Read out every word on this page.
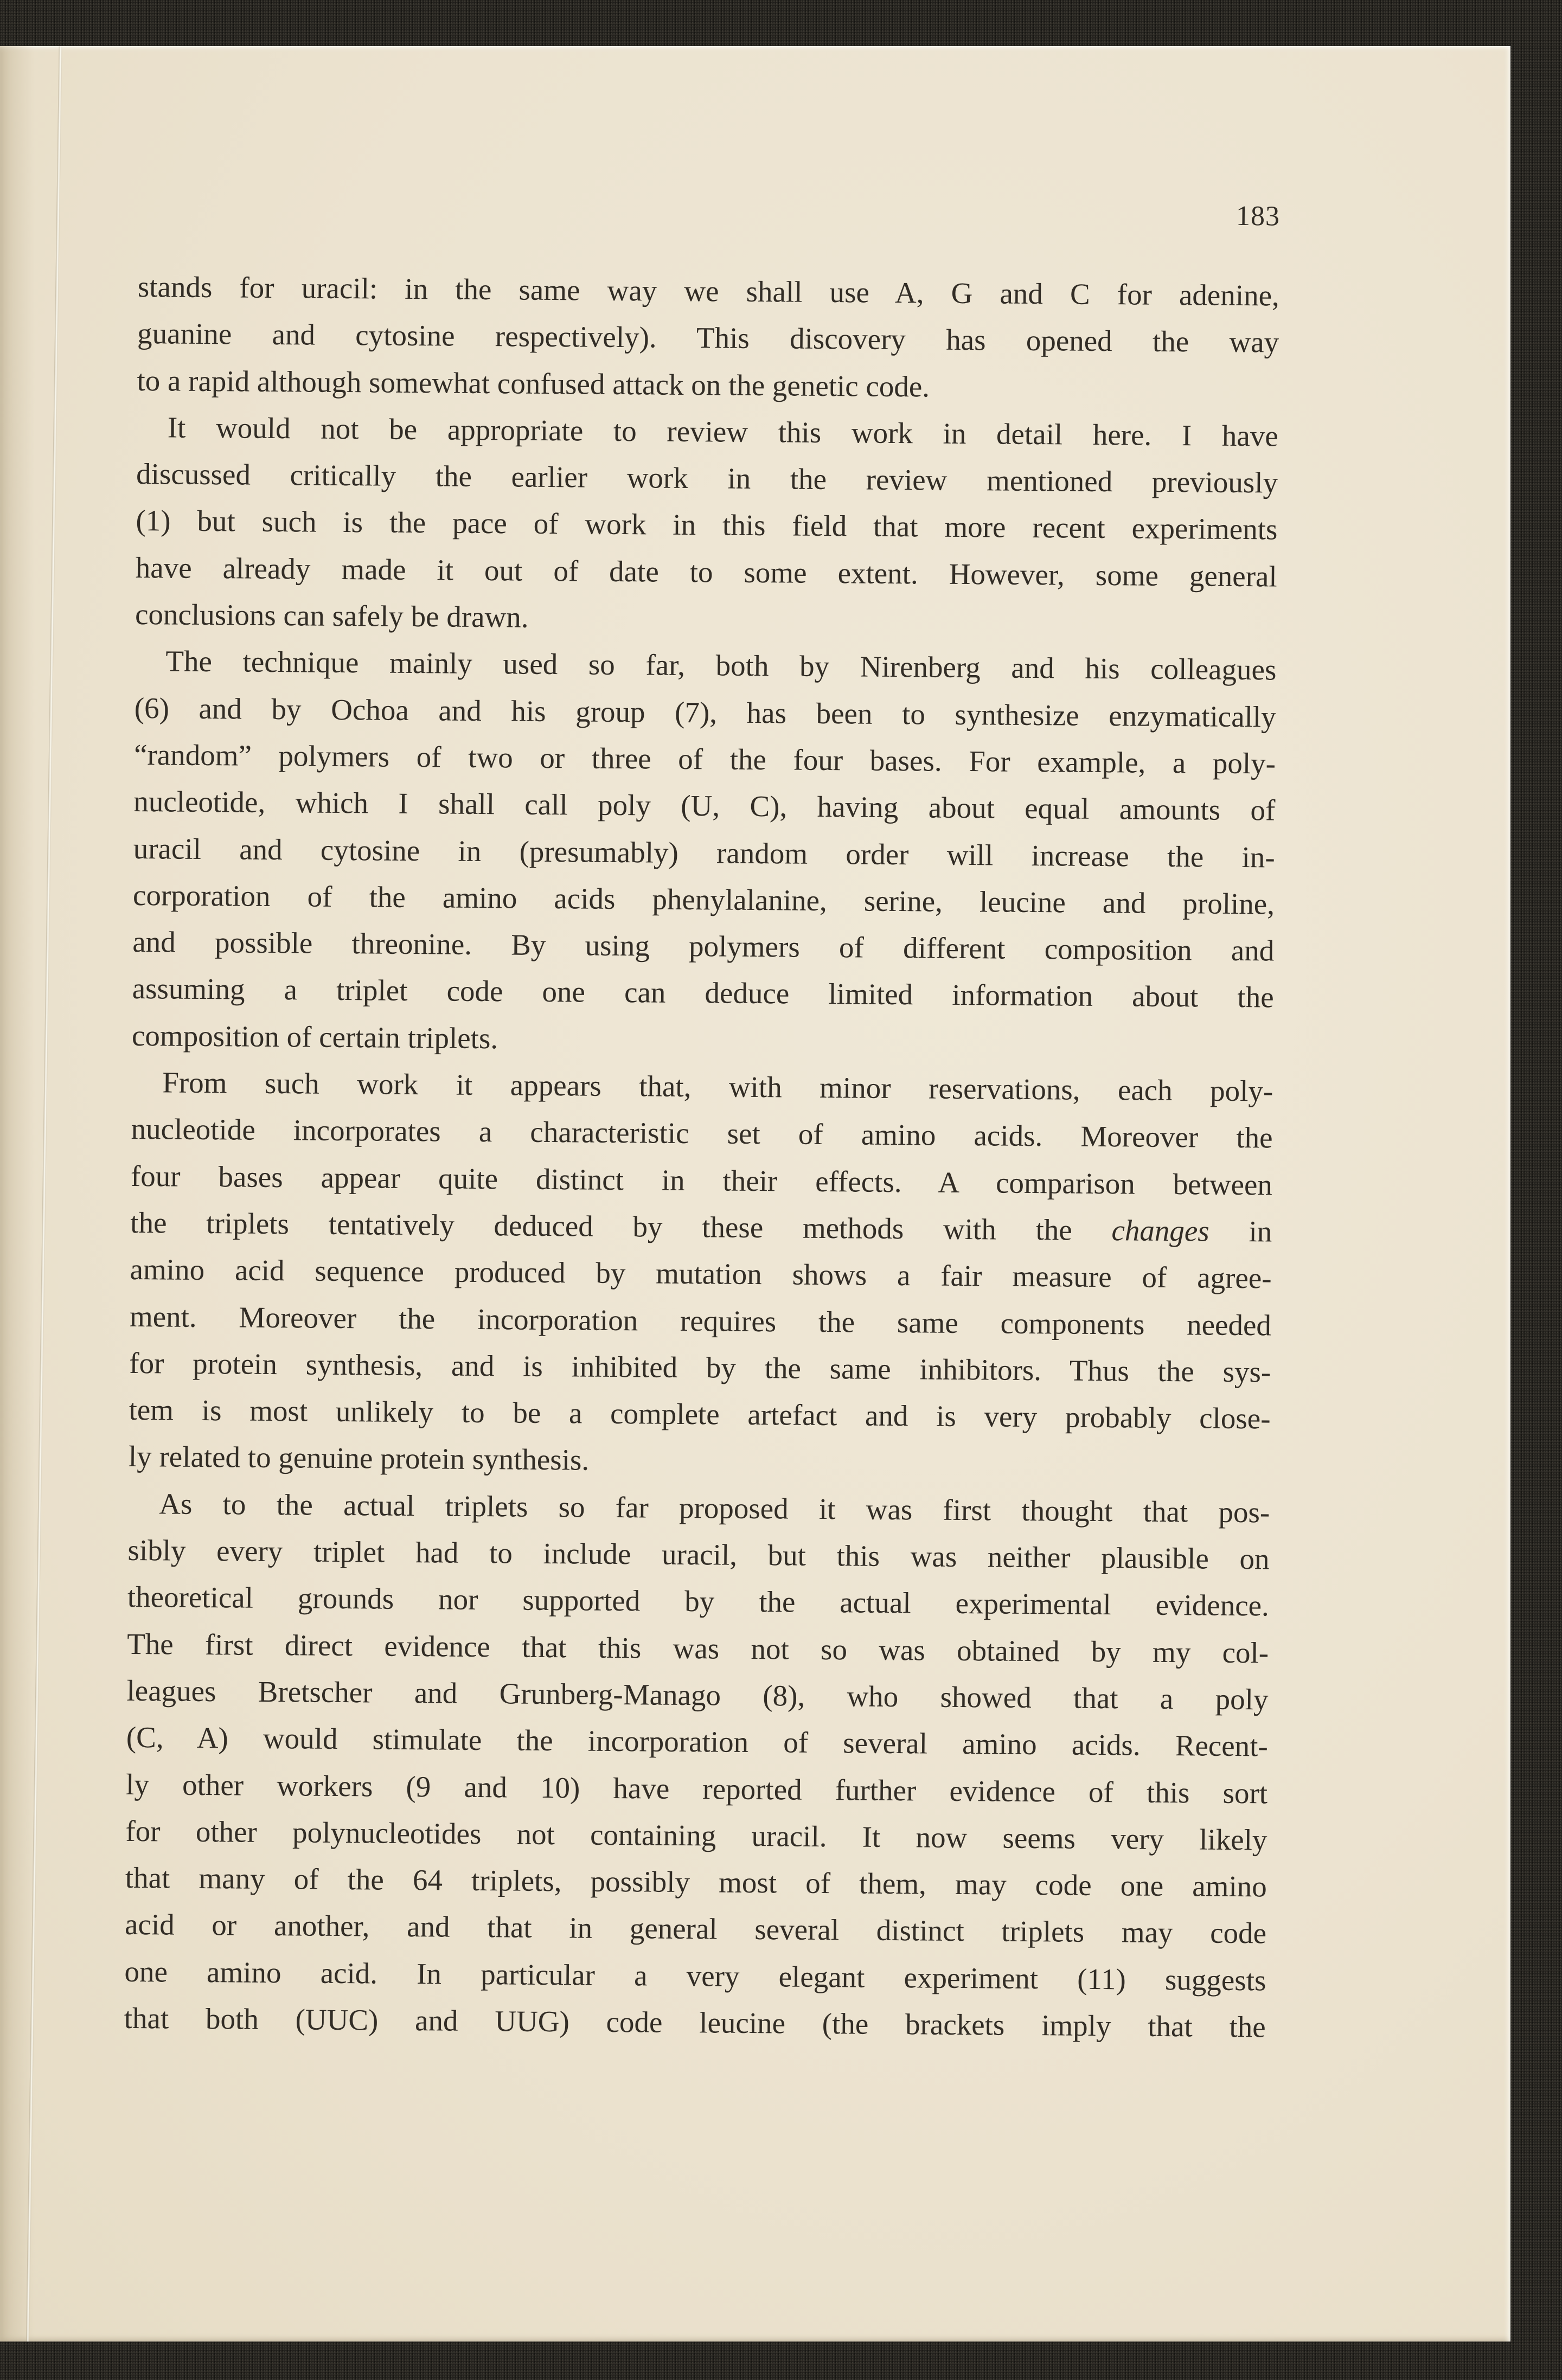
183
stands for uracil: in the same way we shall use A, G and C for adenine,
guanine and cytosine respectively). This discovery has opened the way
to a rapid although somewhat confused attack on the genetic code.
It would not be appropriate to review this work in detail here. I have
discussed critically the earlier work in the review mentioned previously
(1) but such is the pace of work in this field that more recent experiments
have already made it out of date to some extent. However, some general
conclusions can safely be drawn.
The technique mainly used so far, both by Nirenberg and his colleagues
(6) and by Ochoa and his group (7), has been to synthesize enzymatically
“random” polymers of two or three of the four bases. For example, a poly-
nucleotide, which I shall call poly (U, C), having about equal amounts of
uracil and cytosine in (presumably) random order will increase the in-
corporation of the amino acids phenylalanine, serine, leucine and proline,
and possible threonine. By using polymers of different composition and
assuming a triplet code one can deduce limited information about the
composition of certain triplets.
From such work it appears that, with minor reservations, each poly-
nucleotide incorporates a characteristic set of amino acids. Moreover the
four bases appear quite distinct in their effects. A comparison between
the triplets tentatively deduced by these methods with the changes in
amino acid sequence produced by mutation shows a fair measure of agree-
ment. Moreover the incorporation requires the same components needed
for protein synthesis, and is inhibited by the same inhibitors. Thus the sys-
tem is most unlikely to be a complete artefact and is very probably close-
ly related to genuine protein synthesis.
As to the actual triplets so far proposed it was first thought that pos-
sibly every triplet had to include uracil, but this was neither plausible on
theoretical grounds nor supported by the actual experimental evidence.
The first direct evidence that this was not so was obtained by my col-
leagues Bretscher and Grunberg-Manago (8), who showed that a poly
(C, A) would stimulate the incorporation of several amino acids. Recent-
ly other workers (9 and 10) have reported further evidence of this sort
for other polynucleotides not containing uracil. It now seems very likely
that many of the 64 triplets, possibly most of them, may code one amino
acid or another, and that in general several distinct triplets may code
one amino acid. In particular a very elegant experiment (11) suggests
that both (UUC) and UUG) code leucine (the brackets imply that the
